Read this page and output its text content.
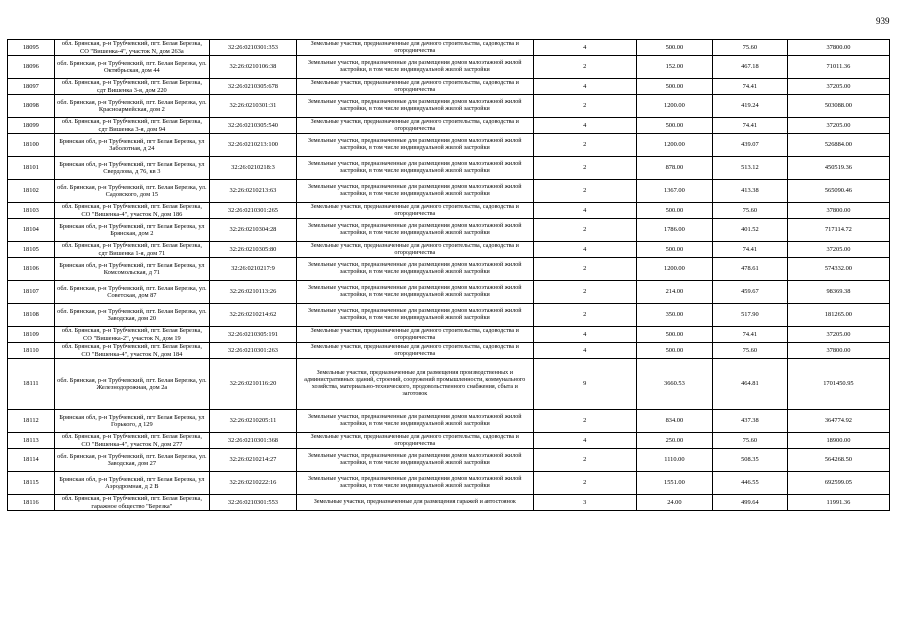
939
18095	обл. Брянская, р-н Трубчевский, пгт. Белая Березка, СО "Вишенка-4", участок N, дом 263а	32:26:0210301:353	Земельные участки, предназначенные для дачного строительства, садоводства и огородничества	4	500.00	75.60	37800.00
18096	обл. Брянская, р-н Трубчевский, пгт. Белая Березка, ул. Октябрьская, дом 44	32:26:0210106:38	Земельные участки, предназначенные для размещения домов малоэтажной жилой застройки, в том числе индивидуальной жилой застройки	2	152.00	467.18	71011.36
18097	обл. Брянская, р-н Трубчевский, пгт. Белая Березка, сдт Вишенка 3-я, дом 220	32:26:0210305:678	Земельные участки, предназначенные для дачного строительства, садоводства и огородничества	4	500.00	74.41	37205.00
18098	обл. Брянская, р-н Трубчевский, пгт. Белая Березка, ул. Красноармейская, дом 2	32:26:0210301:31	Земельные участки, предназначенные для размещения домов малоэтажной жилой застройки, в том числе индивидуальной жилой застройки	2	1200.00	419.24	503088.00
18099	обл. Брянская, р-н Трубчевский, пгт. Белая Березка, сдт Вишенка 3-я, дом 94	32:26:0210305:540	Земельные участки, предназначенные для дачного строительства, садоводства и огородничества	4	500.00	74.41	37205.00
18100	Брянская обл, р-н Трубчевский, пгт Белая Березка, ул Заболотная, д 24	32:26:0210213:100	Земельные участки, предназначенные для размещения домов малоэтажной жилой застройки, в том числе индивидуальной жилой застройки	2	1200.00	439.07	526884.00
18101	Брянская обл, р-н Трубчевский, пгт Белая Березка, ул Свердлова, д 76, кв 3	32:26:0210218:3	Земельные участки, предназначенные для размещения домов малоэтажной жилой застройки, в том числе индивидуальной жилой застройки	2	878.00	513.12	450519.36
18102	обл. Брянская, р-н Трубчевский, пгт. Белая Березка, ул. Садовского, дом 15	32:26:0210213:63	Земельные участки, предназначенные для размещения домов малоэтажной жилой застройки, в том числе индивидуальной жилой застройки	2	1367.00	413.38	565090.46
18103	обл. Брянская, р-н Трубчевский, пгт. Белая Березка, СО "Вишенка-4", участок N, дом 186	32:26:0210301:265	Земельные участки, предназначенные для дачного строительства, садоводства и огородничества	4	500.00	75.60	37800.00
18104	Брянская обл, р-н Трубчевский, пгт Белая Березка, ул Брянская, дом 2	32:26:0210304:28	Земельные участки, предназначенные для размещения домов малоэтажной жилой застройки, в том числе индивидуальной жилой застройки	2	1786.00	401.52	717114.72
18105	обл. Брянская, р-н Трубчевский, пгт. Белая Березка, сдт Вишенка 1-я, дом 71	32:26:0210305:80	Земельные участки, предназначенные для дачного строительства, садоводства и огородничества	4	500.00	74.41	37205.00
18106	Брянская обл, р-н Трубчевский, пгт Белая Березка, ул Комсомольская, д 71	32:26:0210217:9	Земельные участки, предназначенные для размещения домов малоэтажной жилой застройки, в том числе индивидуальной жилой застройки	2	1200.00	478.61	574332.00
18107	обл. Брянская, р-н Трубчевский, пгт. Белая Березка, ул. Советская, дом 87	32:26:0210113:26	Земельные участки, предназначенные для размещения домов малоэтажной жилой застройки, в том числе индивидуальной жилой застройки	2	214.00	459.67	98369.38
18108	обл. Брянская, р-н Трубчевский, пгт. Белая Березка, ул. Заводская, дом 20	32:26:0210214:62	Земельные участки, предназначенные для размещения домов малоэтажной жилой застройки, в том числе индивидуальной жилой застройки	2	350.00	517.90	181265.00
18109	обл. Брянская, р-н Трубчевский, пгт. Белая Березка, СО "Вишенка-2", участок N, дом 19	32:26:0210305:191	Земельные участки, предназначенные для дачного строительства, садоводства и огородничества	4	500.00	74.41	37205.00
18110	обл. Брянская, р-н Трубчевский, пгт. Белая Березка, СО "Вишенка-4", участок N, дом 184	32:26:0210301:263	Земельные участки, предназначенные для дачного строительства, садоводства и огородничества	4	500.00	75.60	37800.00
18111	обл. Брянская, р-н Трубчевский, пгт. Белая Березка, ул. Железнодорожная, дом 2а	32:26:0210116:20	Земельные участки, предназначенные для размещения производственных и административных зданий, строений, сооружений промышленности, коммунального хозяйства, материально-технического, продовольственного снабжения, сбыта и заготовок	9	3660.53	464.81	1701450.95
18112	Брянская обл, р-н Трубчевский, пгт Белая Березка, ул Горького, д 129	32:26:0210205:11	Земельные участки, предназначенные для размещения домов малоэтажной жилой застройки, в том числе индивидуальной жилой застройки	2	834.00	437.38	364774.92
18113	обл. Брянская, р-н Трубчевский, пгт. Белая Березка, СО "Вишенка-4", участок N, дом 277	32:26:0210301:368	Земельные участки, предназначенные для дачного строительства, садоводства и огородничества	4	250.00	75.60	18900.00
18114	обл. Брянская, р-н Трубчевский, пгт. Белая Березка, ул. Заводская, дом 27	32:26:0210214:27	Земельные участки, предназначенные для размещения домов малоэтажной жилой застройки, в том числе индивидуальной жилой застройки	2	1110.00	508.35	564268.50
18115	Брянская обл, р-н Трубчевский, пгт Белая Березка, ул Аэродромная, д 2 В	32:26:0210222:16	Земельные участки, предназначенные для размещения домов малоэтажной жилой застройки, в том числе индивидуальной жилой застройки	2	1551.00	446.55	692599.05
18116	обл. Брянская, р-н Трубчевский, пгт. Белая Березка, гаражное общество "Березка"	32:26:0210301:553	Земельные участки, предназначенные для размещения гаражей и автостоянок	3	24.00	499.64	11991.36
